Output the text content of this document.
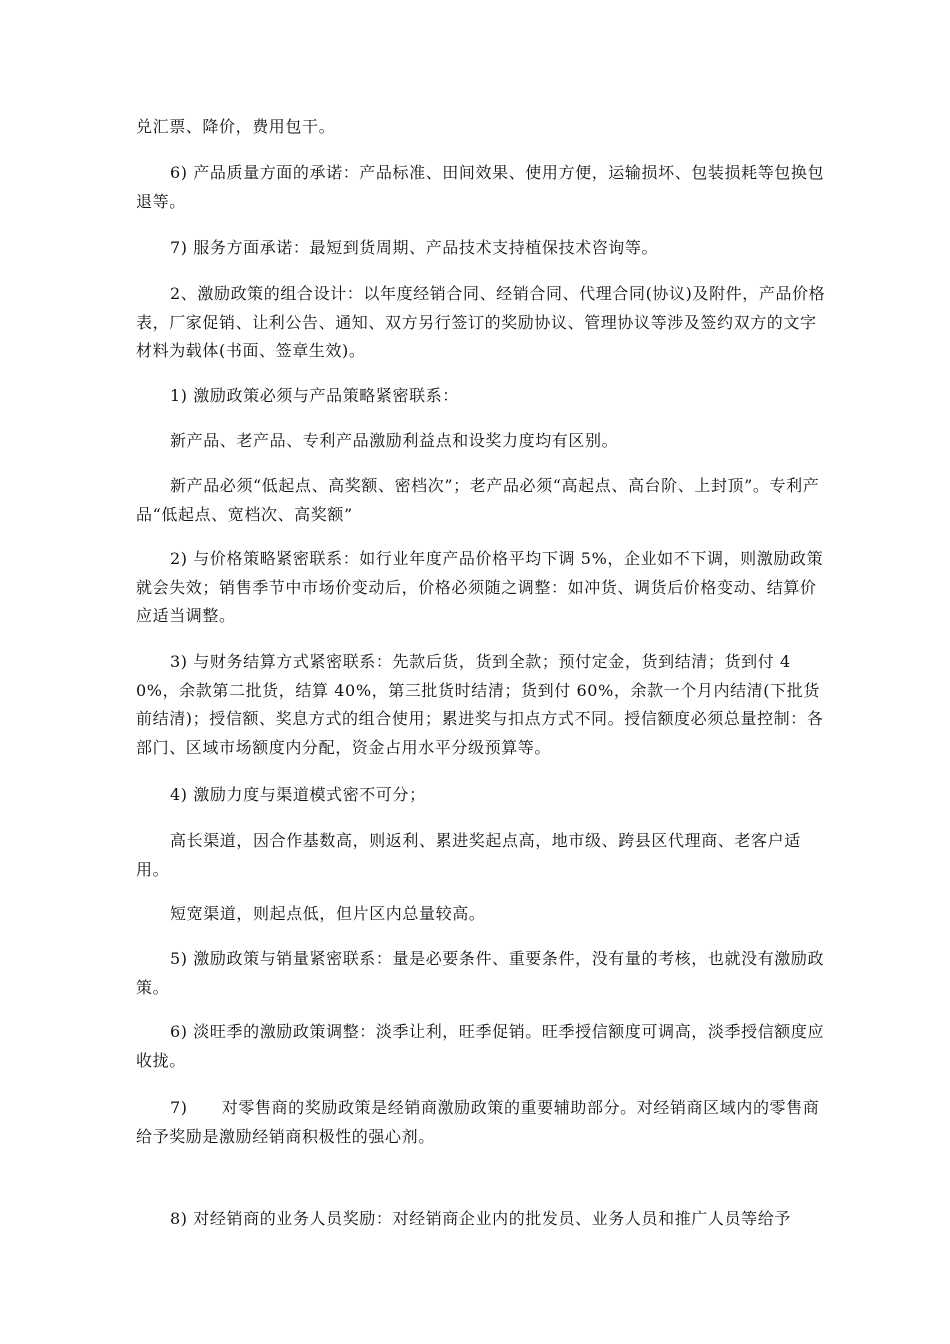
兑汇票、降价，费用包干。

6) 产品质量方面的承诺：产品标准、田间效果、使用方便，运输损坏、包装损耗等包换包退等。

7) 服务方面承诺：最短到货周期、产品技术支持植保技术咨询等。

2、激励政策的组合设计：以年度经销合同、经销合同、代理合同(协议)及附件，产品价格表，厂家促销、让利公告、通知、双方另行签订的奖励协议、管理协议等涉及签约双方的文字材料为载体(书面、签章生效)。

1) 激励政策必须与产品策略紧密联系：

新产品、老产品、专利产品激励利益点和设奖力度均有区别。

新产品必须“低起点、高奖额、密档次”；老产品必须“高起点、高台阶、上封顶”。专利产品“低起点、宽档次、高奖额”

2) 与价格策略紧密联系：如行业年度产品价格平均下调 5%，企业如不下调，则激励政策就会失效；销售季节中市场价变动后，价格必须随之调整：如冲货、调货后价格变动、结算价应适当调整。

3) 与财务结算方式紧密联系：先款后货，货到全款；预付定金，货到结清；货到付 40%，余款第二批货，结算 40%，第三批货时结清；货到付 60%，余款一个月内结清(下批货前结清)；授信额、奖息方式的组合使用；累进奖与扣点方式不同。授信额度必须总量控制：各部门、区域市场额度内分配，资金占用水平分级预算等。

4) 激励力度与渠道模式密不可分；

高长渠道，因合作基数高，则返利、累进奖起点高，地市级、跨县区代理商、老客户适用。

短宽渠道，则起点低，但片区内总量较高。

5) 激励政策与销量紧密联系：量是必要条件、重要条件，没有量的考核，也就没有激励政策。

6) 淡旺季的激励政策调整：淡季让利，旺季促销。旺季授信额度可调高，淡季授信额度应收拢。

7)      对零售商的奖励政策是经销商激励政策的重要辅助部分。对经销商区域内的零售商给予奖励是激励经销商积极性的强心剂。

8) 对经销商的业务人员奖励：对经销商企业内的批发员、业务人员和推广人员等给予
